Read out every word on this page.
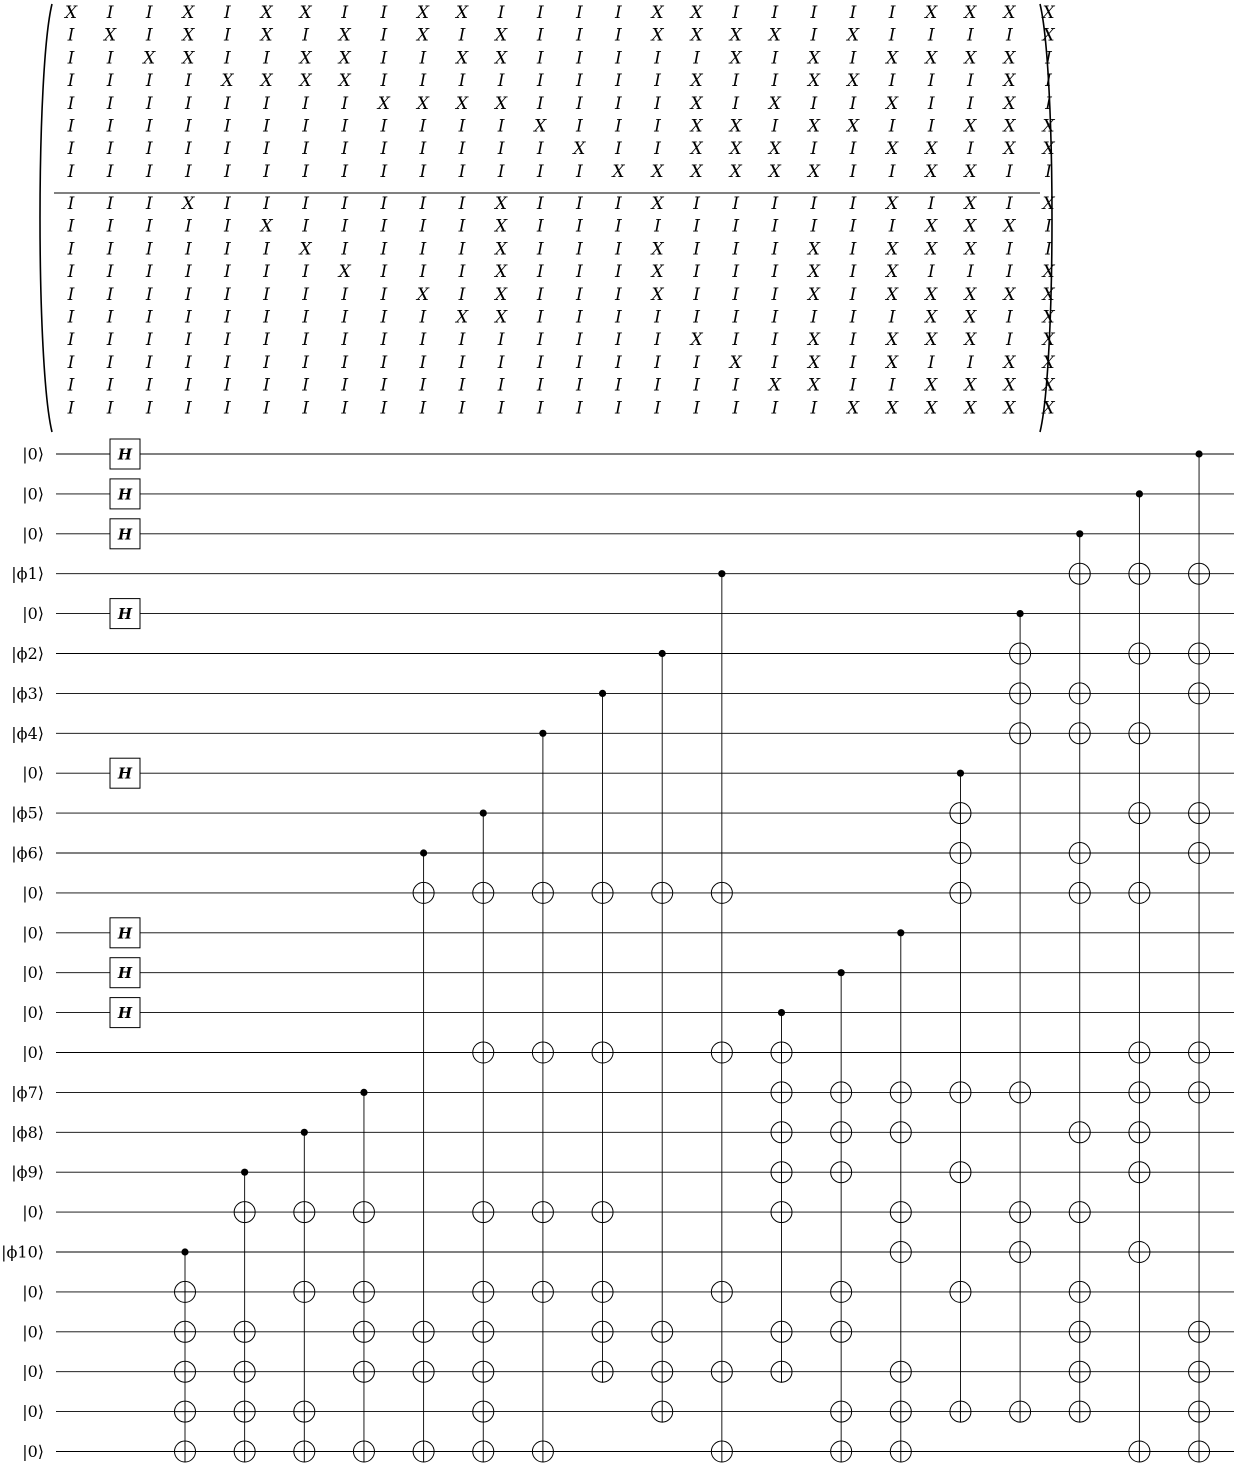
X I I X I X X I I X X I I I I X X I I I I I X X X X
I X I X I X I X I X I X I I I X X X X I X I I I I X
I I X X I I X X I I X X I I I I I X I X I X X X X I
I I I I X X X X I I I I I I I I X I I X X I I I X I
I I I I I I I I X X X X I I I I X I X I I X I I X I
I I I I I I I I I I I I X I I I X X I X X I I X X X
I I I I I I I I I I I I I X I I X X X I I X X I X X
I I I I I I I I I I I I I I X X X X X X I I X X I I
I I I X I I I I I I I X I I I X I I I I I X I X I X
I I I I I X I I I I I X I I I I I I I I I I X X X I
I I I I I I X I I I I X I I I X I I I X I X X X I I
I I I I I I I X I I I X I I I X I I I X I X I I I X
I I I I I I I I I X I X I I I X I I I X I X X X X X
I I I I I I I I I I X X I I I I I I I I I I X X I X
I I I I I I I I I I I I I I I I X I I X I X X X I X
I I I I I I I I I I I I I I I I I X I X I X I I X X
I I I I I I I I I I I I I I I I I I X X I I X X X X
I I I I I I I I I I I I I I I I I I I I X X X X X X
H
H
H
H
H
H
H
H
|0⟩
|0⟩
|0⟩
|ϕ1⟩
|0⟩
|ϕ2⟩
|ϕ3⟩
|ϕ4⟩
|0⟩
|ϕ5⟩
|ϕ6⟩
|0⟩
|0⟩
|0⟩
|0⟩
|0⟩
|ϕ7⟩
|ϕ8⟩
|ϕ9⟩
|0⟩
|ϕ10⟩
|0⟩
|0⟩
|0⟩
|0⟩
|0⟩
